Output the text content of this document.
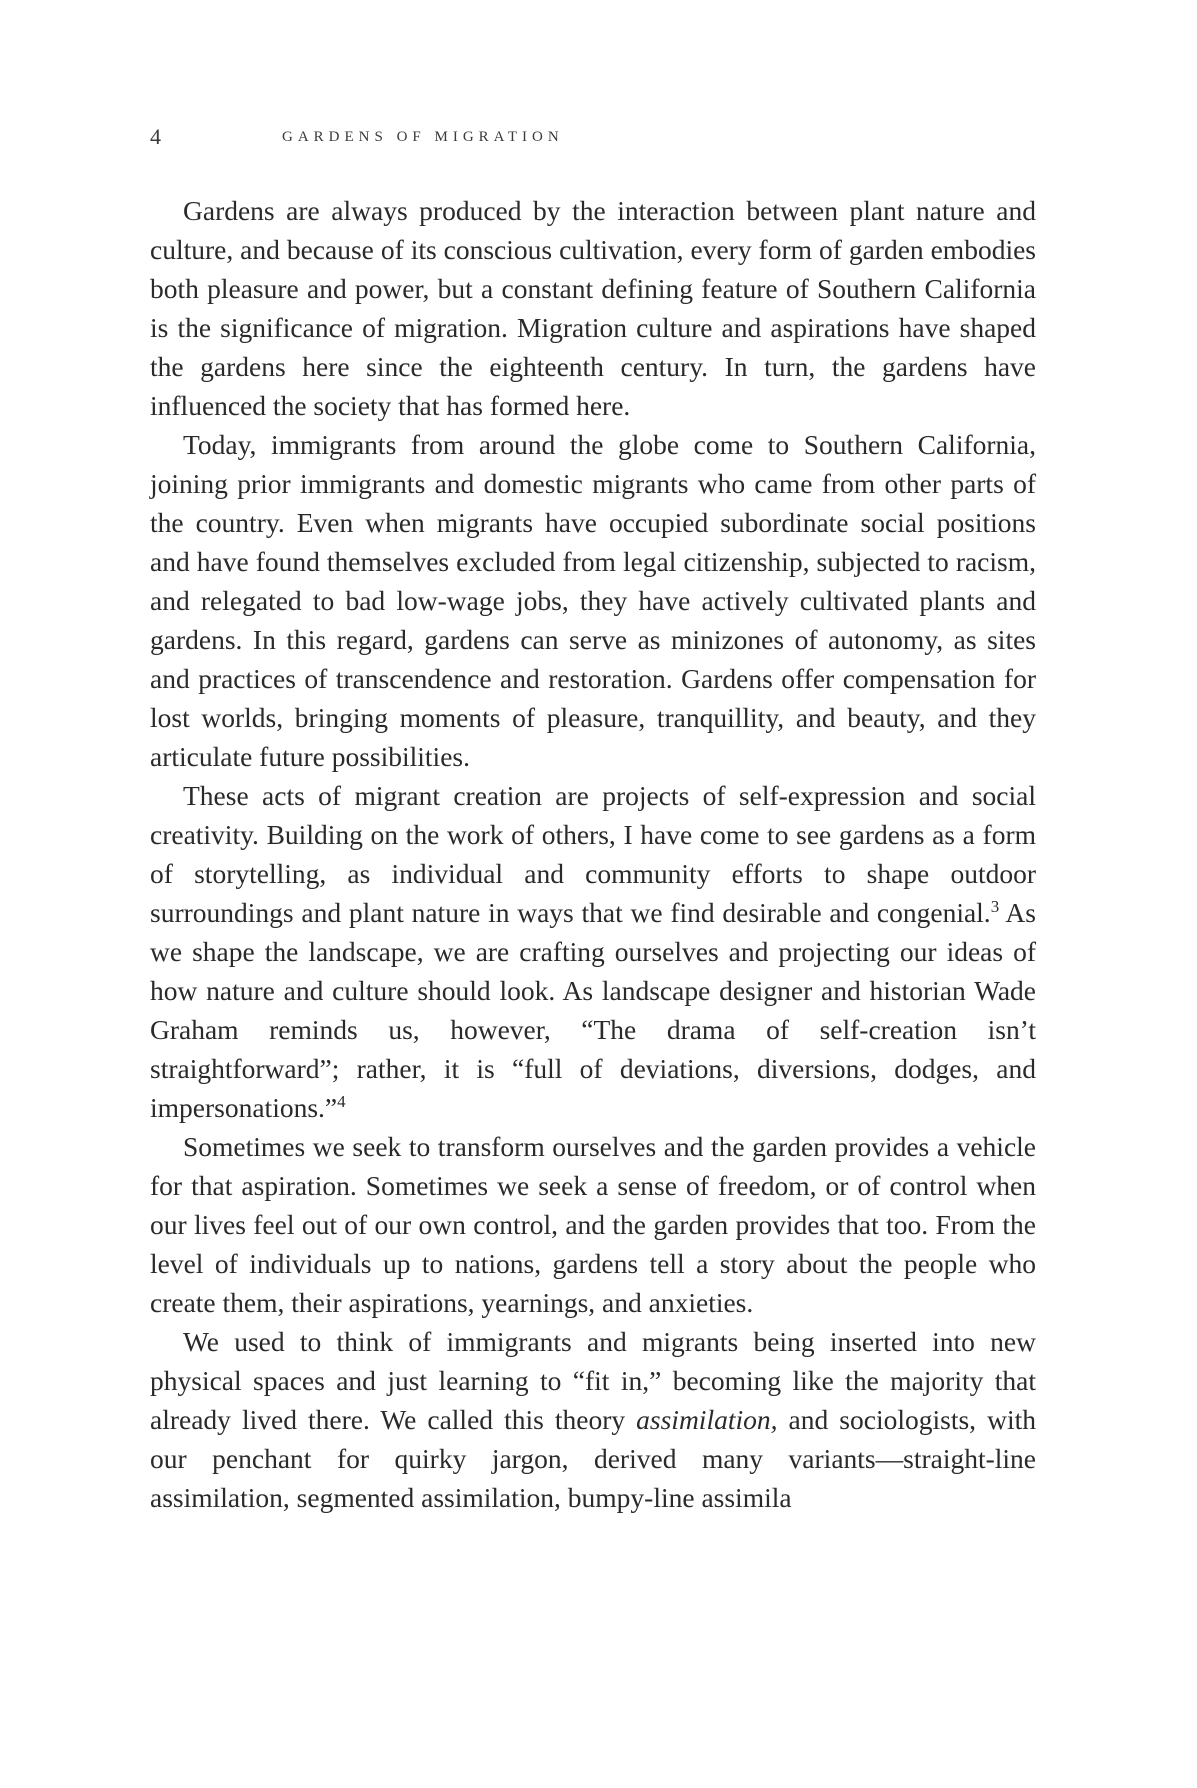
4	GARDENS OF MIGRATION

Gardens are always produced by the interaction between plant nature and culture, and because of its conscious cultivation, every form of garden embodies both pleasure and power, but a constant defining feature of Southern California is the significance of migration. Migration culture and aspirations have shaped the gardens here since the eighteenth century. In turn, the gardens have influenced the society that has formed here.

Today, immigrants from around the globe come to Southern California, joining prior immigrants and domestic migrants who came from other parts of the country. Even when migrants have occupied subordinate social positions and have found themselves excluded from legal citizenship, subjected to racism, and relegated to bad low-wage jobs, they have actively cultivated plants and gardens. In this regard, gardens can serve as minizones of autonomy, as sites and practices of transcendence and restoration. Gardens offer compensation for lost worlds, bringing moments of pleasure, tranquillity, and beauty, and they articulate future possibilities.

These acts of migrant creation are projects of self-expression and social creativity. Building on the work of others, I have come to see gardens as a form of storytelling, as individual and community efforts to shape outdoor surroundings and plant nature in ways that we find desirable and congenial.$^3$ As we shape the landscape, we are crafting ourselves and projecting our ideas of how nature and culture should look. As landscape designer and historian Wade Graham reminds us, however, “The drama of self-creation isn’t straightforward”; rather, it is “full of deviations, diversions, dodges, and impersonations.”$^4$

Sometimes we seek to transform ourselves and the garden provides a vehicle for that aspiration. Sometimes we seek a sense of freedom, or of control when our lives feel out of our own control, and the garden provides that too. From the level of individuals up to nations, gardens tell a story about the people who create them, their aspirations, yearnings, and anxieties.

We used to think of immigrants and migrants being inserted into new physical spaces and just learning to “fit in,” becoming like the majority that already lived there. We called this theory assimilation, and sociologists, with our penchant for quirky jargon, derived many variants—straight-line assimilation, segmented assimilation, bumpy-line assimila
